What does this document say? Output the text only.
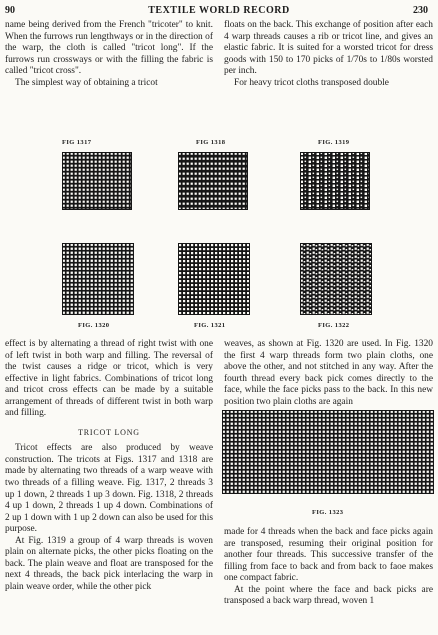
90	TEXTILE WORLD RECORD	230

name being derived from the French "tricoter" to knit. When the furrows run lengthways or in the direction of the warp, the cloth is called "tricot long". If the furrows run crossways or with the filling the fabric is called "tricot cross".

The simplest way of obtaining a tricot

floats on the back. This exchange of position after each 4 warp threads causes a rib or tricot line, and gives an elastic fabric. It is suited for a worsted tricot for dress goods with 150 to 170 picks of 1/70s to 1/80s worsted per inch.

For heavy tricot cloths transposed double

FIG 1317	FIG 1318	FIG. 1319
FIG. 1320	FIG. 1321	FIG. 1322

effect is by alternating a thread of right twist with one of left twist in both warp and filling. The reversal of the twist causes a ridge or tricot, which is very effective in light fabrics. Combinations of tricot long and tricot cross effects can be made by a suitable arrangement of threads of different twist in both warp and filling.

TRICOT LONG

Tricot effects are also produced by weave construction. The tricots at Figs. 1317 and 1318 are made by alternating two threads of a warp weave with two threads of a filling weave. Fig. 1317, 2 threads 3 up 1 down, 2 threads 1 up 3 down. Fig. 1318, 2 threads 4 up 1 down, 2 threads 1 up 4 down. Combinations of 2 up 1 down with 1 up 2 down can also be used for this purpose.

At Fig. 1319 a group of 4 warp threads is woven plain on alternate picks, the other picks floating on the back. The plain weave and float are transposed for the next 4 threads, the back pick interlacing the warp in plain weave order, while the other pick

weaves, as shown at Fig. 1320 are used. In Fig. 1320 the first 4 warp threads form two plain cloths, one above the other, and not stitched in any way. After the fourth thread every back pick comes directly to the face, while the face picks pass to the back. In this new position two plain cloths are again

FIG. 1323

made for 4 threads when the back and face picks again are transposed, resuming their original position for another four threads. This successive transfer of the filling from face to back and from back to faoe makes one compact fabric.

At the point where the face and back picks are transposed a back warp thread, woven 1
